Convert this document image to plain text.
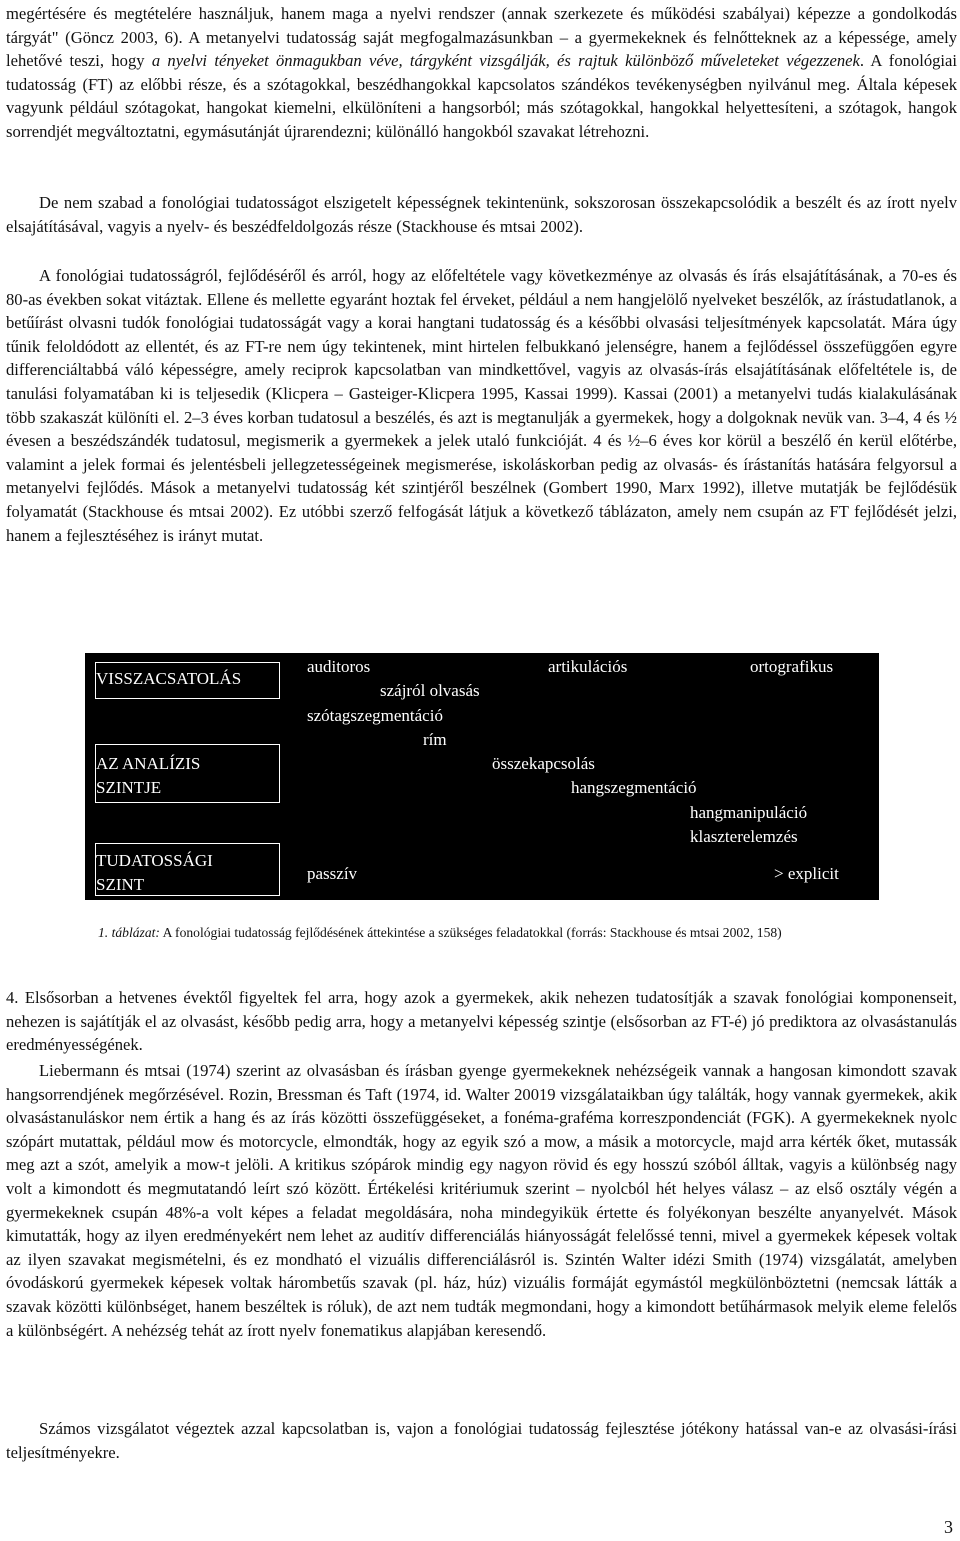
megértésére és megtételére használjuk, hanem maga a nyelvi rendszer (annak szerkezete és működési szabályai) képezze a gondolkodás tárgyát" (Göncz 2003, 6). A metanyelvi tudatosság saját megfogalmazásunkban – a gyermekeknek és felnőtteknek az a képessége, amely lehetővé teszi, hogy a nyelvi tényeket önmagukban véve, tárgyként vizsgálják, és rajtuk különböző műveleteket végezzenek. A fonológiai tudatosság (FT) az előbbi része, és a szótagokkal, beszédhangokkal kapcsolatos szándékos tevékenységben nyilvánul meg. Általa képesek vagyunk például szótagokat, hangokat kiemelni, elkülöníteni a hangsorból; más szótagokkal, hangokkal helyettesíteni, a szótagok, hangok sorrendjét megváltoztatni, egymásutánját újrarendezni; különálló hangokból szavakat létrehozni.

De nem szabad a fonológiai tudatosságot elszigetelt képességnek tekintenünk, sokszorosan összekapcsolódik a beszélt és az írott nyelv elsajátításával, vagyis a nyelv- és beszédfeldolgozás része (Stackhouse és mtsai 2002).

A fonológiai tudatosságról, fejlődéséről és arról, hogy az előfeltétele vagy következménye az olvasás és írás elsajátításának, a 70-es és 80-as években sokat vitáztak. Ellene és mellette egyaránt hoztak fel érveket, például a nem hangjelölő nyelveket beszélők, az írástudatlanok, a betűírást olvasni tudók fonológiai tudatosságát vagy a korai hangtani tudatosság és a későbbi olvasási teljesítmények kapcsolatát. Mára úgy tűnik feloldódott az ellentét, és az FT-re nem úgy tekintenek, mint hirtelen felbukkanó jelenségre, hanem a fejlődéssel összefüggően egyre differenciáltabbá váló képességre, amely reciprok kapcsolatban van mindkettővel, vagyis az olvasás-írás elsajátításának előfeltétele is, de tanulási folyamatában ki is teljesedik (Klicpera – Gasteiger-Klicpera 1995, Kassai 1999). Kassai (2001) a metanyelvi tudás kialakulásának több szakaszát különíti el. 2–3 éves korban tudatosul a beszélés, és azt is megtanulják a gyermekek, hogy a dolgoknak nevük van. 3–4, 4 és ½ évesen a beszédszándék tudatosul, megismerik a gyermekek a jelek utaló funkcióját. 4 és ½–6 éves kor körül a beszélő én kerül előtérbe, valamint a jelek formai és jelentésbeli jellegzetességeinek megismerése, iskoláskorban pedig az olvasás- és írástanítás hatására felgyorsul a metanyelvi fejlődés. Mások a metanyelvi tudatosság két szintjéről beszélnek (Gombert 1990, Marx 1992), illetve mutatják be fejlődésük folyamatát (Stackhouse és mtsai 2002). Ez utóbbi szerző felfogását látjuk a következő táblázaton, amely nem csupán az FT fejlődését jelzi, hanem a fejlesztéséhez is irányt mutat.

VISSZACSATOLÁS
AZ ANALÍZIS
SZINTJE
TUDATOSSÁGI
SZINT
auditoros	artikulációs	ortografikus
szájról olvasás
szótagszegmentáció
rím
összekapcsolás
hangszegmentáció
hangmanipuláció
klaszterelemzés
passzív	> explicit

1. táblázat: A fonológiai tudatosság fejlődésének áttekintése a szükséges feladatokkal (forrás: Stackhouse és mtsai 2002, 158)

4. Elsősorban a hetvenes évektől figyeltek fel arra, hogy azok a gyermekek, akik nehezen tudatosítják a szavak fonológiai komponenseit, nehezen is sajátítják el az olvasást, később pedig arra, hogy a metanyelvi képesség szintje (elsősorban az FT-é) jó prediktora az olvasástanulás eredményességének.

Liebermann és mtsai (1974) szerint az olvasásban és írásban gyenge gyermekeknek nehézségeik vannak a hangosan kimondott szavak hangsorrendjének megőrzésével. Rozin, Bressman és Taft (1974, id. Walter 20019 vizsgálataikban úgy találták, hogy vannak gyermekek, akik olvasástanuláskor nem értik a hang és az írás közötti összefüggéseket, a fonéma-graféma korreszpondenciát (FGK). A gyermekeknek nyolc szópárt mutattak, például mow és motorcycle, elmondták, hogy az egyik szó a mow, a másik a motorcycle, majd arra kérték őket, mutassák meg azt a szót, amelyik a mow-t jelöli. A kritikus szópárok mindig egy nagyon rövid és egy hosszú szóból álltak, vagyis a különbség nagy volt a kimondott és megmutatandó leírt szó között. Értékelési kritériumuk szerint – nyolcból hét helyes válasz – az első osztály végén a gyermekeknek csupán 48%-a volt képes a feladat megoldására, noha mindegyikük értette és folyékonyan beszélte anyanyelvét. Mások kimutatták, hogy az ilyen eredményekért nem lehet az auditív differenciálás hiányosságát felelőssé tenni, mivel a gyermekek képesek voltak az ilyen szavakat megismételni, és ez mondható el vizuális differenciálásról is. Szintén Walter idézi Smith (1974) vizsgálatát, amelyben óvodáskorú gyermekek képesek voltak hárombetűs szavak (pl. ház, húz) vizuális formáját egymástól megkülönböztetni (nemcsak látták a szavak közötti különbséget, hanem beszéltek is róluk), de azt nem tudták megmondani, hogy a kimondott betűhármasok melyik eleme felelős a különbségért. A nehézség tehát az írott nyelv fonematikus alapjában keresendő.

Számos vizsgálatot végeztek azzal kapcsolatban is, vajon a fonológiai tudatosság fejlesztése jótékony hatással van-e az olvasási-írási teljesítményekre.

3
